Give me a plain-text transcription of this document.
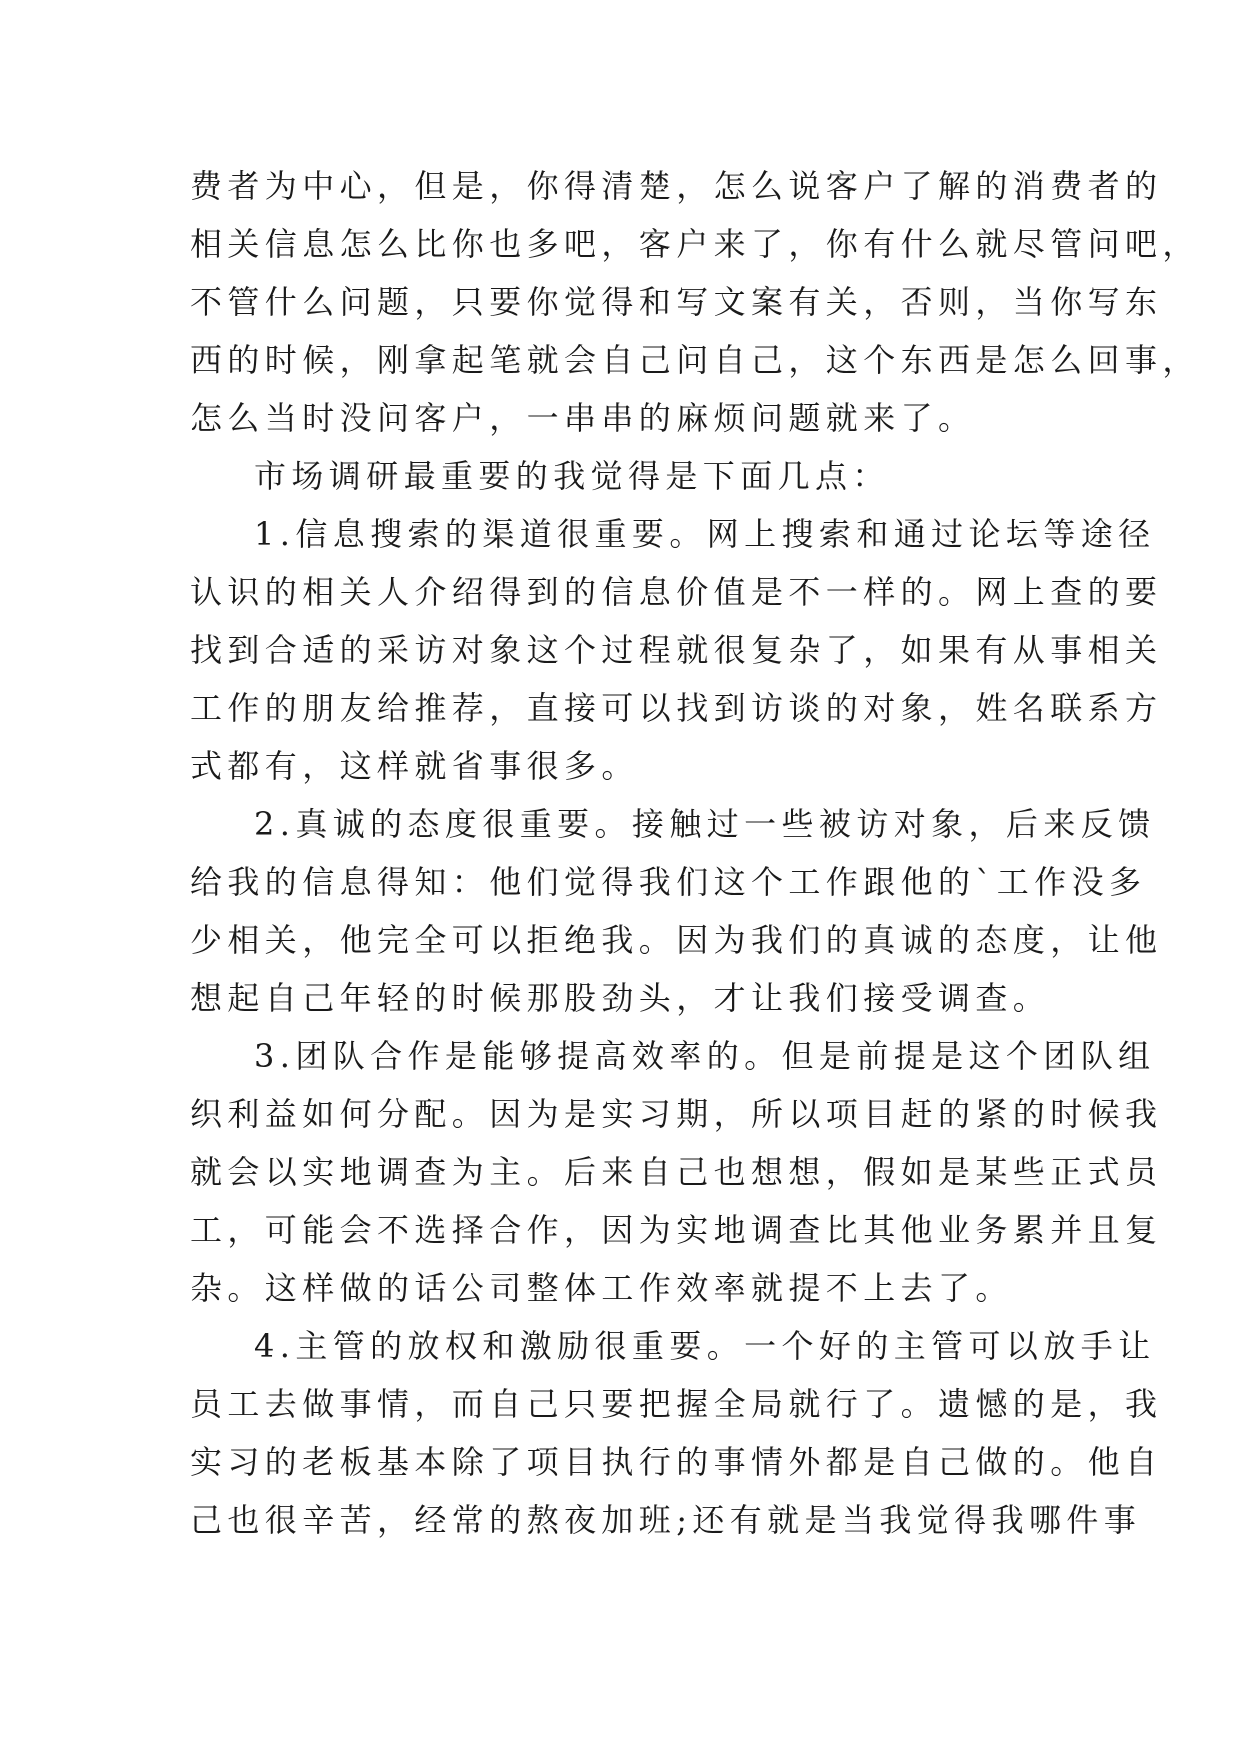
费者为中心，但是，你得清楚，怎么说客户了解的消费者的
相关信息怎么比你也多吧，客户来了，你有什么就尽管问吧，
不管什么问题，只要你觉得和写文案有关，否则，当你写东
西的时候，刚拿起笔就会自己问自己，这个东西是怎么回事，
怎么当时没问客户，一串串的麻烦问题就来了。
市场调研最重要的我觉得是下面几点：
1.信息搜索的渠道很重要。网上搜索和通过论坛等途径
认识的相关人介绍得到的信息价值是不一样的。网上查的要
找到合适的采访对象这个过程就很复杂了，如果有从事相关
工作的朋友给推荐，直接可以找到访谈的对象，姓名联系方
式都有，这样就省事很多。
2.真诚的态度很重要。接触过一些被访对象，后来反馈
给我的信息得知：他们觉得我们这个工作跟他的`工作没多
少相关，他完全可以拒绝我。因为我们的真诚的态度，让他
想起自己年轻的时候那股劲头，才让我们接受调查。
3.团队合作是能够提高效率的。但是前提是这个团队组
织利益如何分配。因为是实习期，所以项目赶的紧的时候我
就会以实地调查为主。后来自己也想想，假如是某些正式员
工，可能会不选择合作，因为实地调查比其他业务累并且复
杂。这样做的话公司整体工作效率就提不上去了。
4.主管的放权和激励很重要。一个好的主管可以放手让
员工去做事情，而自己只要把握全局就行了。遗憾的是，我
实习的老板基本除了项目执行的事情外都是自己做的。他自
己也很辛苦，经常的熬夜加班;还有就是当我觉得我哪件事
